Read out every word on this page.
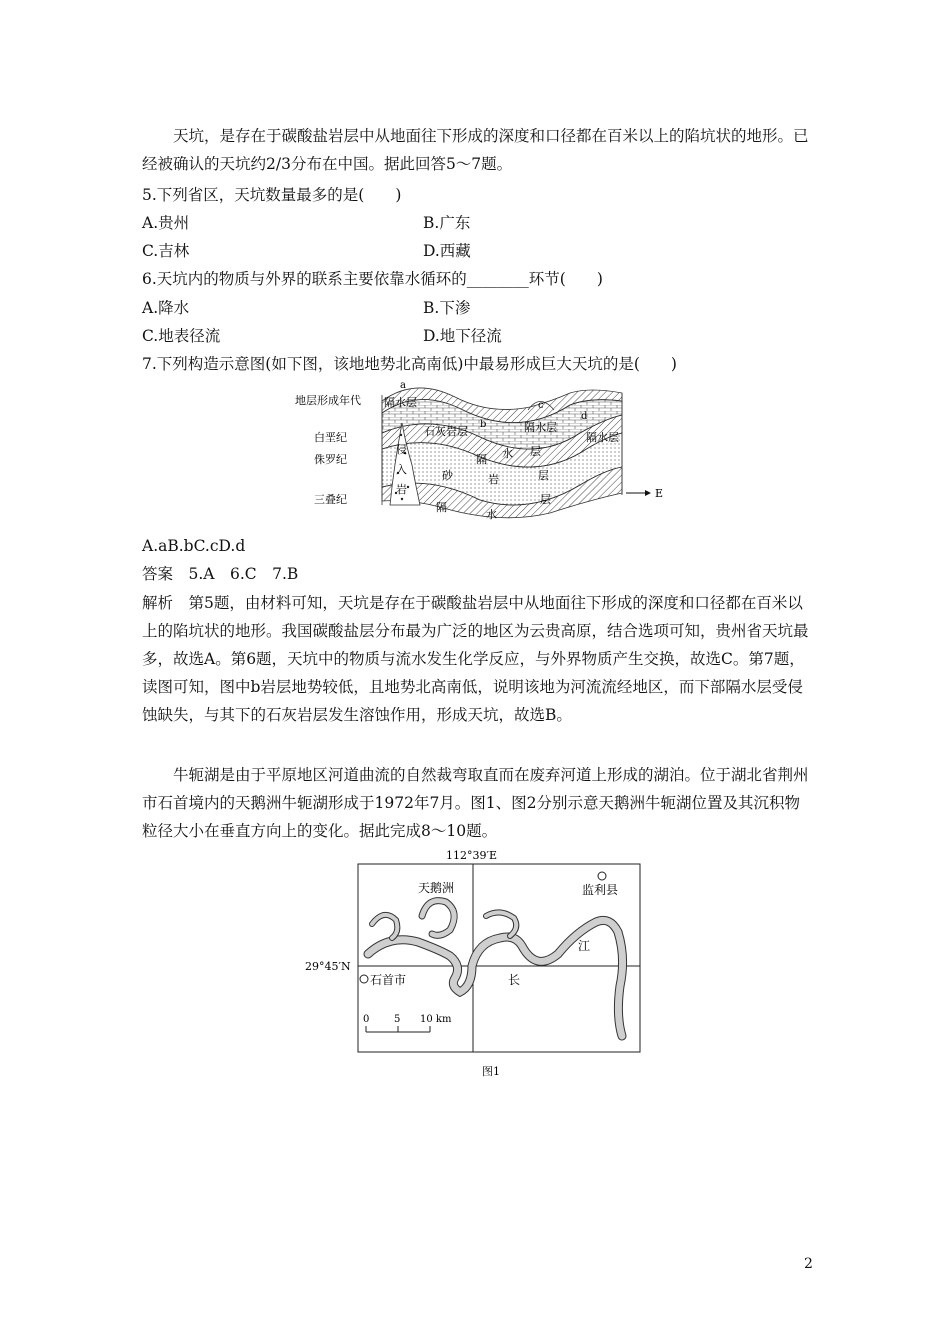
天坑，是存在于碳酸盐岩层中从地面往下形成的深度和口径都在百米以上的陷坑状的地形。已经被确认的天坑约2/3分布在中国。据此回答5～7题。
5.下列省区，天坑数量最多的是(　　)
A.贵州	B.广东
C.吉林	D.西藏
6.天坑内的物质与外界的联系主要依靠水循环的________环节(　　)
A.降水	B.下渗
C.地表径流	D.地下径流
7.下列构造示意图(如下图，该地地势北高南低)中最易形成巨大天坑的是(　　)
E
地层形成年代
白垩纪
侏罗纪
三叠纪
a
b
c
d
隔水层
隔水层
隔水层
石灰岩层
侵
入
岩
隔 水 层
砂	岩	层
隔
水
层
A.aB.bC.cD.d
答案　5.A　6.C　7.B
解析　第5题，由材料可知，天坑是存在于碳酸盐岩层中从地面往下形成的深度和口径都在百米以上的陷坑状的地形。我国碳酸盐层分布最为广泛的地区为云贵高原，结合选项可知，贵州省天坑最多，故选A。第6题，天坑中的物质与流水发生化学反应，与外界物质产生交换，故选C。第7题，读图可知，图中b岩层地势较低，且地势北高南低，说明该地为河流流经地区，而下部隔水层受侵蚀缺失，与其下的石灰岩层发生溶蚀作用，形成天坑，故选B。
牛轭湖是由于平原地区河道曲流的自然裁弯取直而在废弃河道上形成的湖泊。位于湖北省荆州市石首境内的天鹅洲牛轭湖形成于1972年7月。图1、图2分别示意天鹅洲牛轭湖位置及其沉积物粒径大小在垂直方向上的变化。据此完成8～10题。
112°39′E
29°45′N
天鹅洲	监利县
石首市
江
长
0 5 10 km
图1
2
